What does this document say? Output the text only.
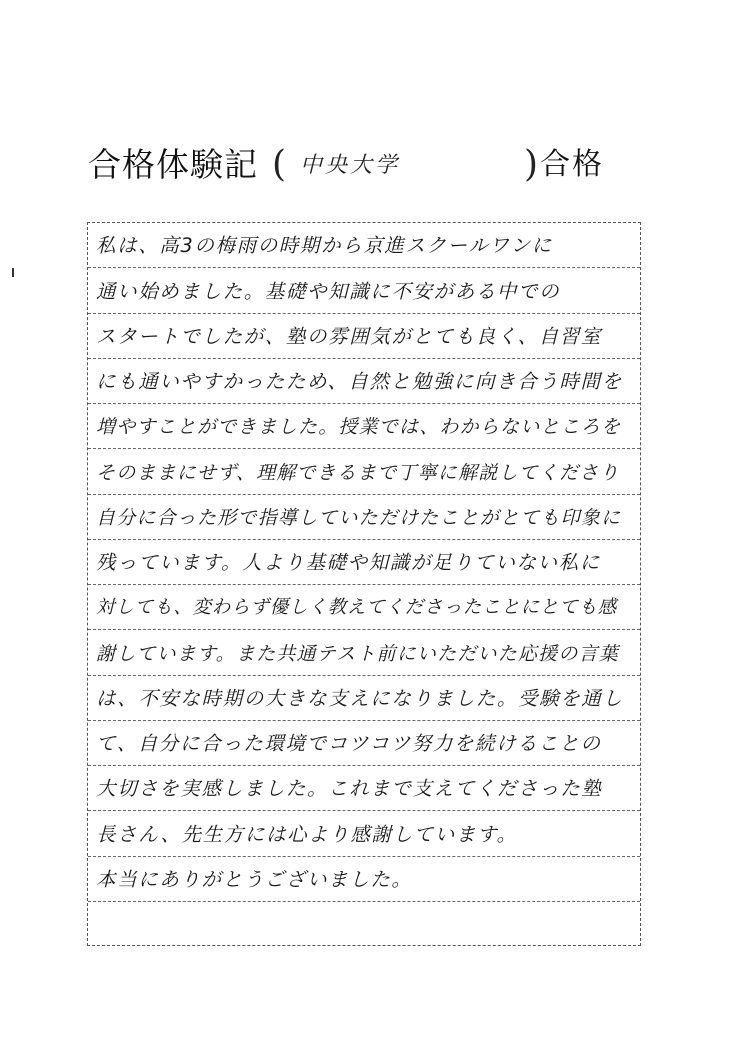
合格体験記 ( 中央大学	) 合格
私は、高3の梅雨の時期から京進スクールワンに
通い始めました。基礎や知識に不安がある中での
スタートでしたが、塾の雰囲気がとても良く、自習室
にも通いやすかったため、自然と勉強に向き合う時間を
増やすことができました。授業では、わからないところを
そのままにせず、理解できるまで丁寧に解説してくださり
自分に合った形で指導していただけたことがとても印象に
残っています。人より基礎や知識が足りていない私に
対しても、変わらず優しく教えてくださったことにとても感
謝しています。また共通テスト前にいただいた応援の言葉
は、不安な時期の大きな支えになりました。受験を通し
て、自分に合った環境でコツコツ努力を続けることの
大切さを実感しました。これまで支えてくださった塾
長さん、先生方には心より感謝しています。
本当にありがとうございました。
